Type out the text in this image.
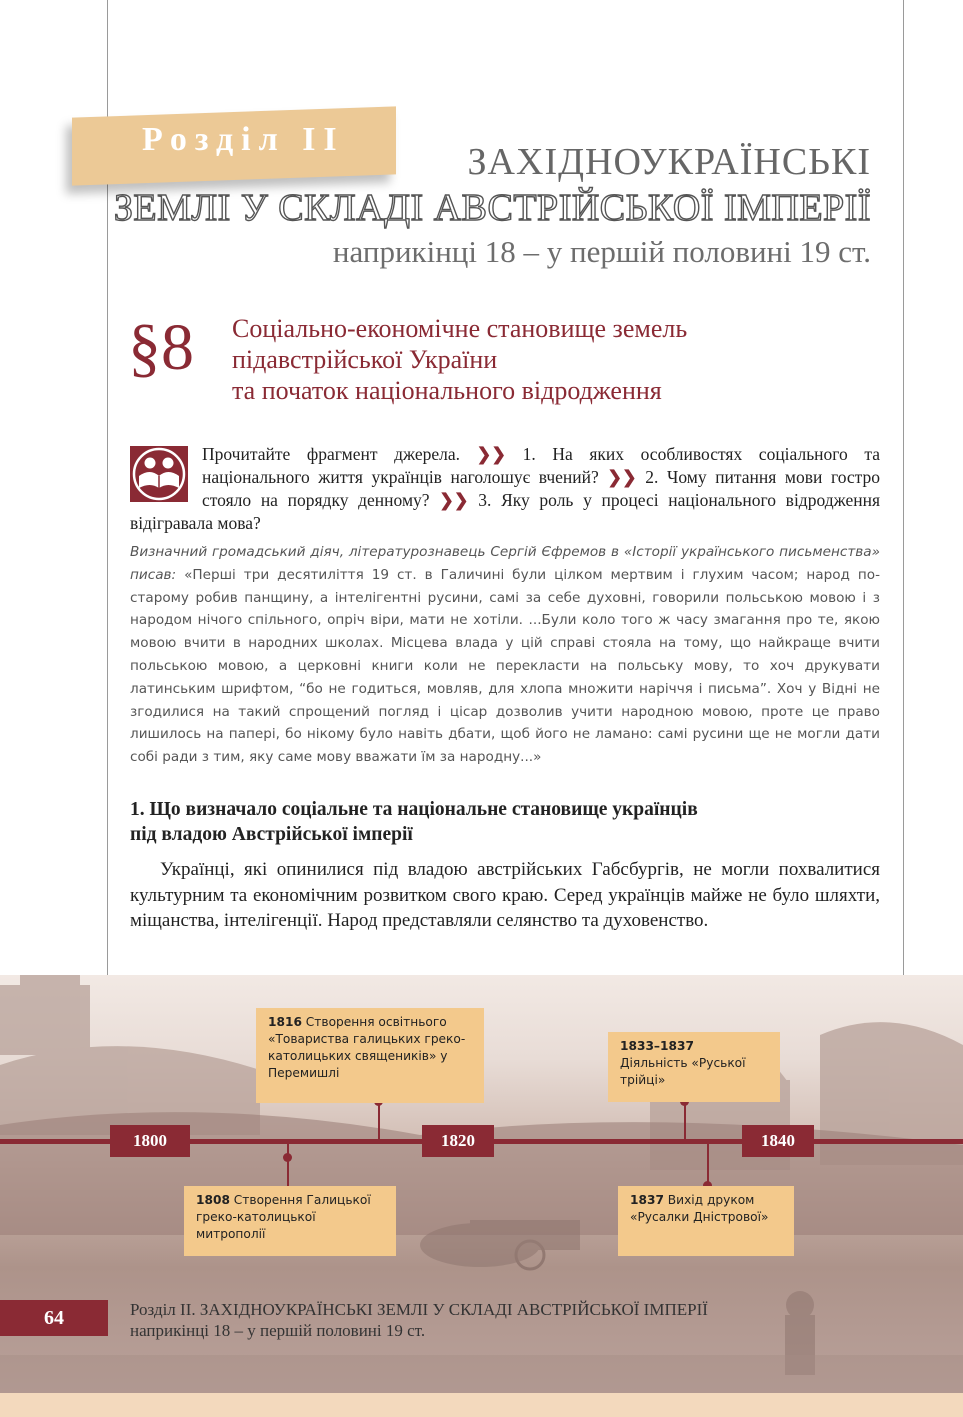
Розділ ІІ
ЗАХІДНОУКРАЇНСЬКІ
ЗЕМЛІ У СКЛАДІ АВСТРІЙСЬКОЇ ІМПЕРІЇ
наприкінці 18 – у першій половині 19 ст.
§8 Соціально-економічне становище земель
підавстрійської України
та початок національного відродження
Прочитайте фрагмент джерела. ❯❯ 1. На яких особливостях соціального та національного життя українців наголошує вчений? ❯❯ 2. Чому питання мови гостро стояло на порядку денному? ❯❯ 3. Яку роль у процесі національного відродження відігравала мова?
Визначний громадський діяч, літературознавець Сергій Єфремов в «Історії українського письменства» писав: «Перші три десятиліття 19 ст. в Галичині були цілком мертвим і глухим часом; народ по-старому робив панщину, а інтелігентні русини, самі за себе духовні, говорили польською мовою і з народом нічого спільного, опріч віри, мати не хотіли. ...Були коло того ж часу змагання про те, якою мовою вчити в народних школах. Місцева влада у цій справі стояла на тому, що найкраще вчити польською мовою, а церковні книги коли не перекласти на польську мову, то хоч друкувати латинським шрифтом, “бо не годиться, мовляв, для хлопа множити наріччя і письма”. Хоч у Відні не згодилися на такий спрощений погляд і цісар дозволив учити народною мовою, проте це право лишилось на папері, бо нікому було навіть дбати, щоб його не ламано: самі русини ще не могли дати собі ради з тим, яку саме мову вважати їм за народну...»
1. Що визначало соціальне та національне становище українців
під владою Австрійської імперії
Українці, які опинилися під владою австрійських Габсбургів, не могли похвалитися культурним та економічним розвитком свого краю. Серед українців майже не було шляхти, міщанства, інтелігенції. Народ представляли селянство та духовенство.
1800	1820	1840
1816 Створення освітнього «Товариства галицьких греко-католицьких священиків» у Перемишлі
1833–1837
Діяльність «Руської трійці»
1808 Створення Галицької греко-католицької митрополії
1837 Вихід друком «Русалки Дністрової»
64	Розділ ІІ. ЗАХІДНОУКРАЇНСЬКІ ЗЕМЛІ У СКЛАДІ АВСТРІЙСЬКОЇ ІМПЕРІЇ
наприкінці 18 – у першій половині 19 ст.
